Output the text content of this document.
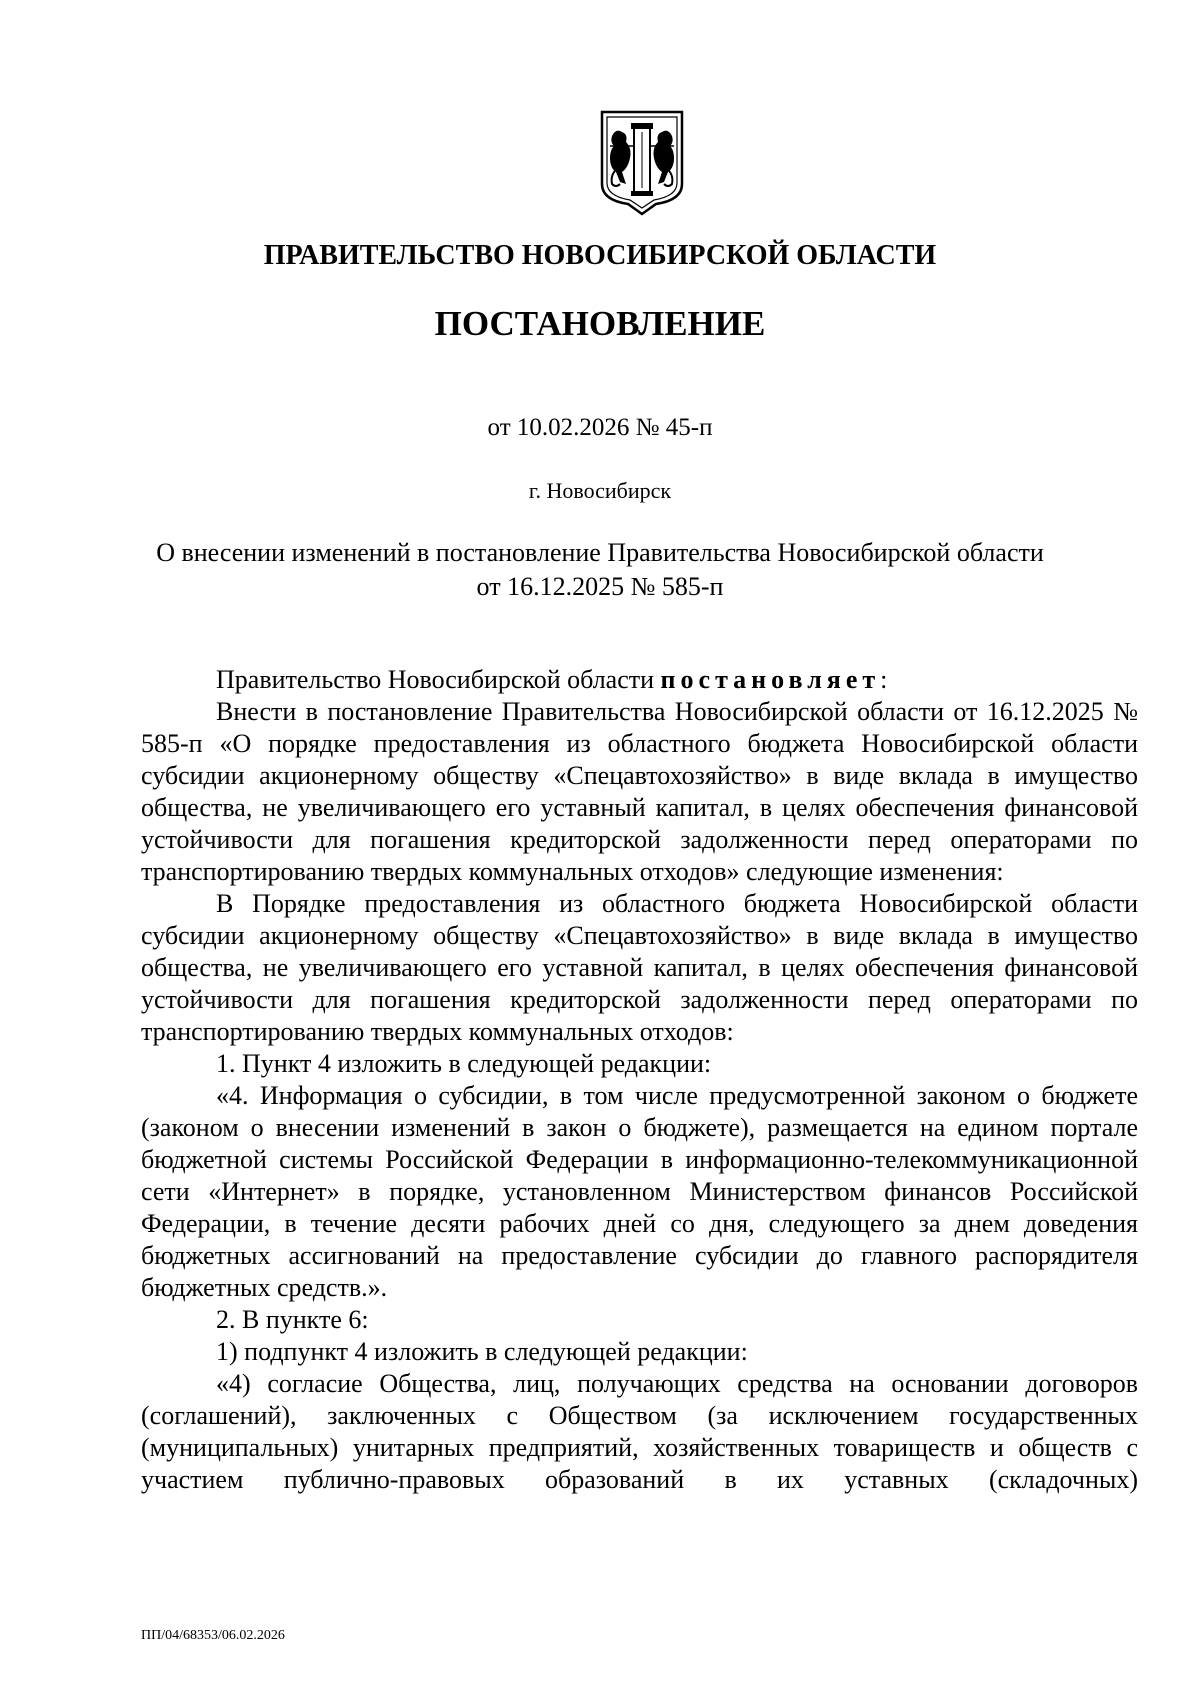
ПРАВИТЕЛЬСТВО НОВОСИБИРСКОЙ ОБЛАСТИ
ПОСТАНОВЛЕНИЕ
от 10.02.2026 № 45-п
г. Новосибирск
О внесении изменений в постановление Правительства Новосибирской области
от 16.12.2025 № 585-п

Правительство Новосибирской области постановляет:

Внести в постановление Правительства Новосибирской области от 16.12.2025 № 585-п «О порядке предоставления из областного бюджета Новосибирской области субсидии акционерному обществу «Спецавтохозяйство» в виде вклада в имущество общества, не увеличивающего его уставный капитал, в целях обеспечения финансовой устойчивости для погашения кредиторской задолженности перед операторами по транспортированию твердых коммунальных отходов» следующие изменения:

В Порядке предоставления из областного бюджета Новосибирской области субсидии акционерному обществу «Спецавтохозяйство» в виде вклада в имущество общества, не увеличивающего его уставной капитал, в целях обеспечения финансовой устойчивости для погашения кредиторской задолженности перед операторами по транспортированию твердых коммунальных отходов:

1. Пункт 4 изложить в следующей редакции:

«4. Информация о субсидии, в том числе предусмотренной законом о бюджете (законом о внесении изменений в закон о бюджете), размещается на едином портале бюджетной системы Российской Федерации в информационно-телекоммуникационной сети «Интернет» в порядке, установленном Министерством финансов Российской Федерации, в течение десяти рабочих дней со дня, следующего за днем доведения бюджетных ассигнований на предоставление субсидии до главного распорядителя бюджетных средств.».

2. В пункте 6:

1) подпункт 4 изложить в следующей редакции:

«4) согласие Общества, лиц, получающих средства на основании договоров (соглашений), заключенных с Обществом (за исключением государственных (муниципальных) унитарных предприятий, хозяйственных товариществ и обществ с участием публично-правовых образований в их уставных (складочных)

ПП/04/68353/06.02.2026
